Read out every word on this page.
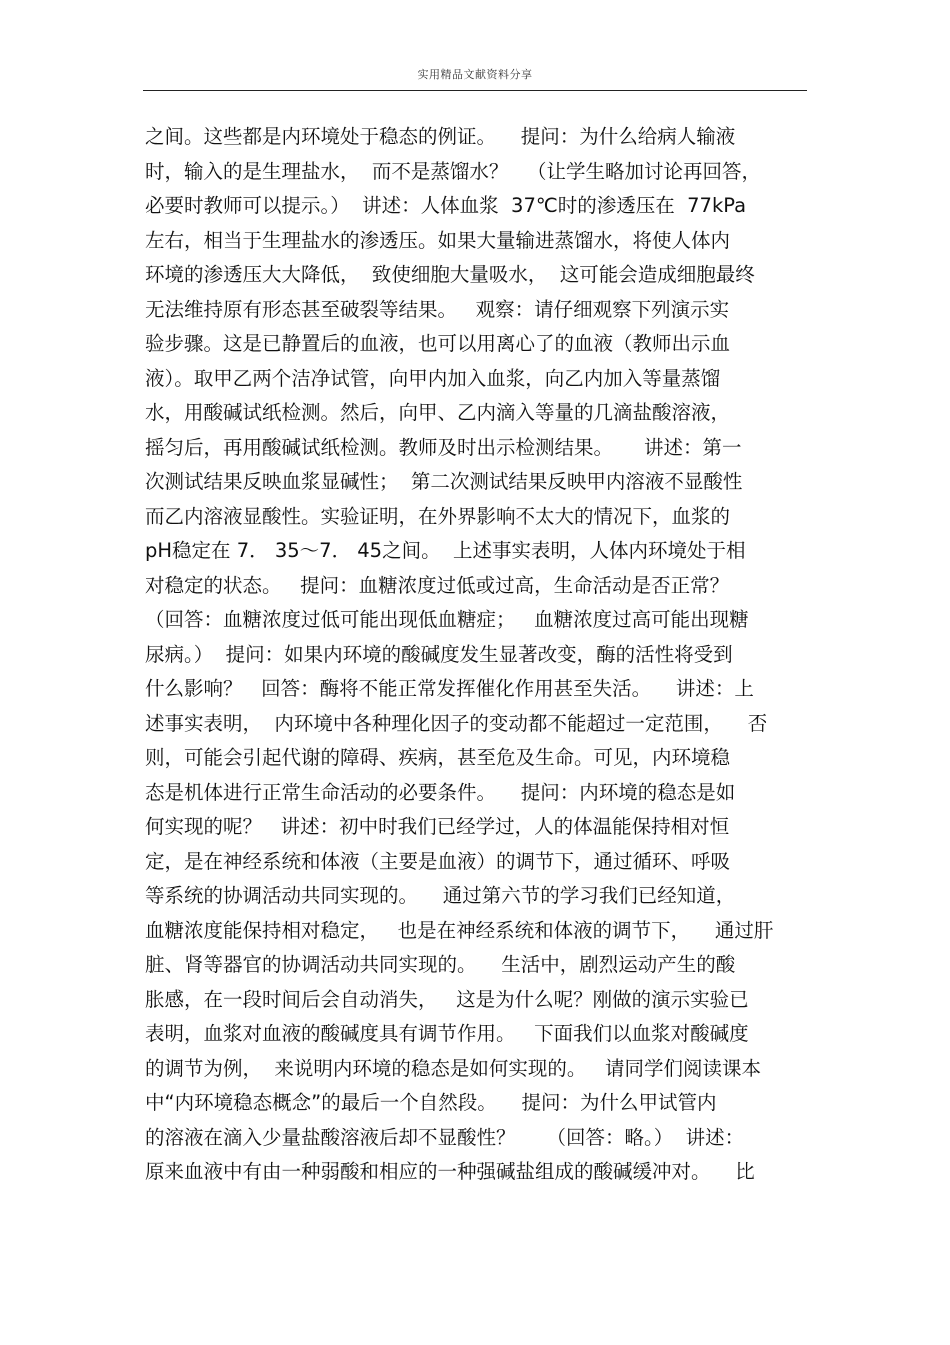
实用精品文献资料分享
之间。这些都是内环境处于稳态的例证。    提问：为什么给病人输液
时，输入的是生理盐水，  而不是蒸馏水？   （让学生略加讨论再回答，
必要时教师可以提示。）  讲述：人体血浆  37℃时的渗透压在  77kPa
左右，相当于生理盐水的渗透压。如果大量输进蒸馏水，将使人体内
环境的渗透压大大降低，  致使细胞大量吸水，  这可能会造成细胞最终
无法维持原有形态甚至破裂等结果。   观察：请仔细观察下列演示实
验步骤。这是已静置后的血液，也可以用离心了的血液（教师出示血
液）。取甲乙两个洁净试管，向甲内加入血浆，向乙内加入等量蒸馏
水，用酸碱试纸检测。然后，向甲、乙内滴入等量的几滴盐酸溶液，
摇匀后，再用酸碱试纸检测。教师及时出示检测结果。     讲述：第一
次测试结果反映血浆显碱性；  第二次测试结果反映甲内溶液不显酸性
而乙内溶液显酸性。实验证明，在外界影响不太大的情况下，血浆的
pH稳定在 7． 35～7． 45之间。  上述事实表明，人体内环境处于相
对稳定的状态。   提问：血糖浓度过低或过高，生命活动是否正常？
（回答：血糖浓度过低可能出现低血糖症；   血糖浓度过高可能出现糖
尿病。）  提问：如果内环境的酸碱度发生显著改变，酶的活性将受到
什么影响？   回答：酶将不能正常发挥催化作用甚至失活。    讲述：上
述事实表明，  内环境中各种理化因子的变动都不能超过一定范围，    否
则，可能会引起代谢的障碍、疾病，甚至危及生命。可见，内环境稳
态是机体进行正常生命活动的必要条件。    提问：内环境的稳态是如
何实现的呢？   讲述：初中时我们已经学过，人的体温能保持相对恒
定，是在神经系统和体液（主要是血液）的调节下，通过循环、呼吸
等系统的协调活动共同实现的。    通过第六节的学习我们已经知道，
血糖浓度能保持相对稳定，   也是在神经系统和体液的调节下，    通过肝
脏、肾等器官的协调活动共同实现的。    生活中，剧烈运动产生的酸
胀感，在一段时间后会自动消失，   这是为什么呢？刚做的演示实验已
表明，血浆对血液的酸碱度具有调节作用。   下面我们以血浆对酸碱度
的调节为例，  来说明内环境的稳态是如何实现的。   请同学们阅读课本
中“内环境稳态概念”的最后一个自然段。    提问：为什么甲试管内
的溶液在滴入少量盐酸溶液后却不显酸性？     （回答：略。）  讲述：
原来血液中有由一种弱酸和相应的一种强碱盐组成的酸碱缓冲对。    比
